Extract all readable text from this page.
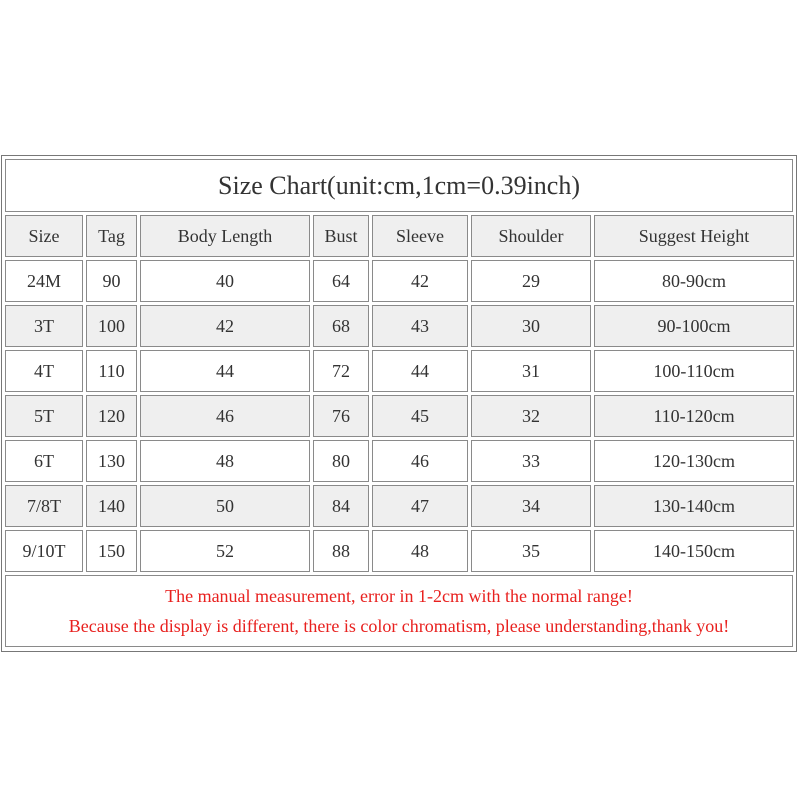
Size Chart(unit:cm,1cm=0.39inch)
Size	Tag	Body Length	Bust	Sleeve	Shoulder	Suggest Height
24M	90	40	64	42	29	80-90cm
3T	100	42	68	43	30	90-100cm
4T	110	44	72	44	31	100-110cm
5T	120	46	76	45	32	110-120cm
6T	130	48	80	46	33	120-130cm
7/8T	140	50	84	47	34	130-140cm
9/10T	150	52	88	48	35	140-150cm
The manual measurement, error in 1-2cm with the normal range!
Because the display is different, there is color chromatism, please understanding,thank you!
